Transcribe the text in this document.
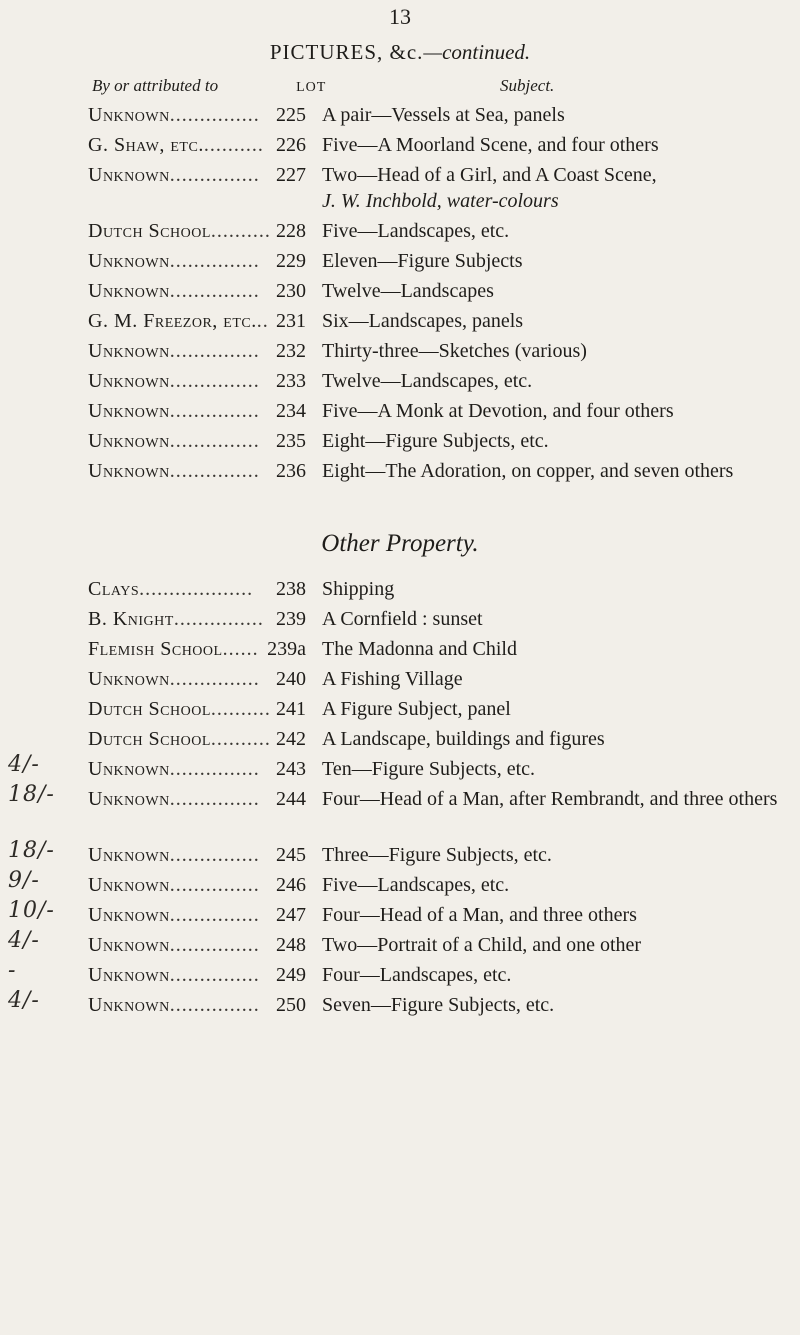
13
PICTURES, &c.—continued.
By or attributed to	LOT	Subject.
Unknown............... 225 A pair—Vessels at Sea, panels
G. Shaw, etc........... 226 Five—A Moorland Scene, and four others
Unknown............... 227 Two—Head of a Girl, and A Coast Scene,
J. W. Inchbold, water-colours
Dutch School.......... 228 Five—Landscapes, etc.
Unknown............... 229 Eleven—Figure Subjects
Unknown............... 230 Twelve—Landscapes
G. M. Freezor, etc... 231 Six—Landscapes, panels
Unknown............... 232 Thirty-three—Sketches (various)
Unknown............... 233 Twelve—Landscapes, etc.
Unknown............... 234 Five—A Monk at Devotion, and four others
Unknown............... 235 Eight—Figure Subjects, etc.
Unknown............... 236 Eight—The Adoration, on copper, and seven others
Other Property.
Clays...................	238 Shipping
B. Knight............... 239 A Cornfield : sunset
Flemish School...... 239a The Madonna and Child
Unknown............... 240 A Fishing Village
Dutch School.......... 241 A Figure Subject, panel
Dutch School.......... 242 A Landscape, buildings and figures
Unknown............... 243 Ten—Figure Subjects, etc.
Unknown............... 244 Four—Head of a Man, after Rembrandt, and three others
Unknown............... 245 Three—Figure Subjects, etc.
Unknown............... 246 Five—Landscapes, etc.
Unknown............... 247 Four—Head of a Man, and three others
Unknown............... 248 Two—Portrait of a Child, and one other
Unknown............... 249 Four—Landscapes, etc.
Unknown............... 250 Seven—Figure Subjects, etc.
4/-
18/-
18/-
9/-
10/-
4/-
-
4/-
